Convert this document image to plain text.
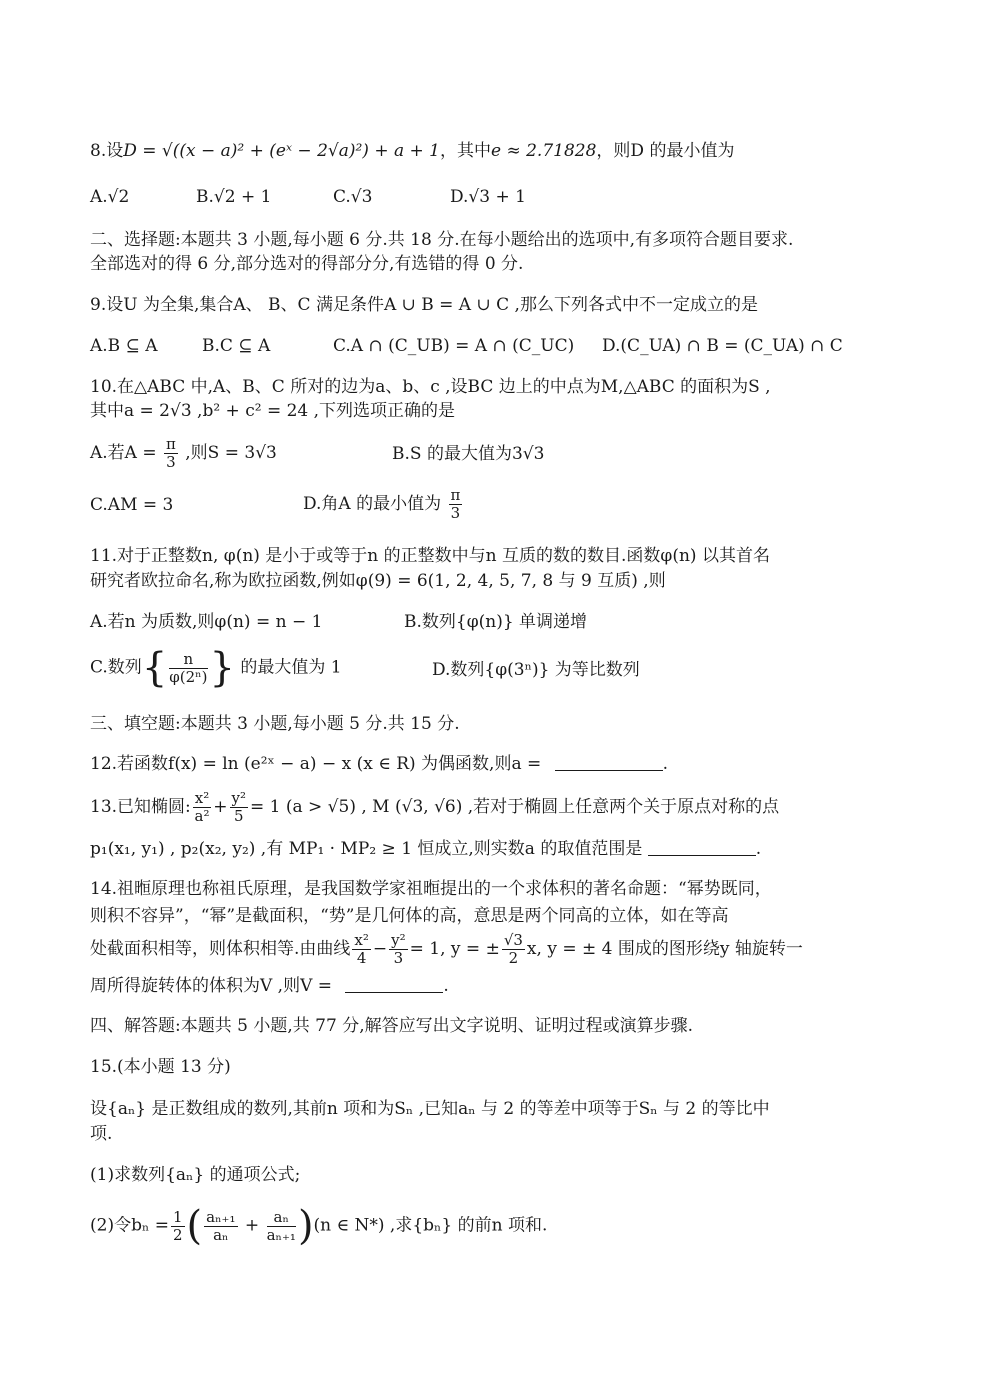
8.设D = √((x − a)² + (eˣ − 2√a)²) + a + 1，其中e ≈ 2.71828，则D 的最小值为
A.√2	B.√2 + 1	C.√3	D.√3 + 1
二、选择题:本题共 3 小题,每小题 6 分.共 18 分.在每小题给出的选项中,有多项符合题目要求.
全部选对的得 6 分,部分选对的得部分分,有选错的得 0 分.
9.设U 为全集,集合A、 B、C 满足条件A ∪ B = A ∪ C ,那么下列各式中不一定成立的是
A.B ⊆ A	B.C ⊆ A	C.A ∩ (C_UB) = A ∩ (C_UC) D.(C_UA) ∩ B = (C_UA) ∩ C
10.在△ABC 中,A、B、C 所对的边为a、b、c ,设BC 边上的中点为M,△ABC 的面积为S ,
其中a = 2√3 ,b² + c² = 24 ,下列选项正确的是
A.若$A = \frac{\pi}{3}$ ,则S = 3√3	B.S 的最大值为3√3
C.AM = 3	D.角A 的最小值为 $\frac{\pi}{3}$
11.对于正整数n, φ(n) 是小于或等于n 的正整数中与n 互质的数的数目.函数φ(n) 以其首名
研究者欧拉命名,称为欧拉函数,例如φ(9) = 6(1, 2, 4, 5, 7, 8 与 9 互质) ,则
A.若n 为质数,则φ(n) = n − 1	B.数列{φ(n)} 单调递增
C.数列{ $\frac{n}{\text{φ(2ⁿ)}}$ } 的最大值为 1	D.数列{φ(3ⁿ)} 为等比数列
三、填空题:本题共 3 小题,每小题 5 分.共 15 分.
12.若函数f(x) = ln (e²ˣ − a) − x (x ∈ R) 为偶函数,则a =	.
13.已知椭圆: $\frac{\text{x²}}{\text{a²}} + \frac{\text{y²}}{5} = 1$ (a > √5) , M (√3, √6) ,若对于椭圆上任意两个关于原点对称的点
p₁(x₁, y₁) , p₂(x₂, y₂) ,有 MP₁ · MP₂ ≥ 1 恒成立,则实数a 的取值范围是	.
14.祖暅原理也称祖氏原理，是我国数学家祖暅提出的一个求体积的著名命题：“幂势既同，
则积不容异”，“幂”是截面积，“势”是几何体的高，意思是两个同高的立体，如在等高
处截面积相等，则体积相等.由曲线 $\frac{\text{x²}}{4} - \frac{\text{y²}}{3} = 1$, y = ± $\frac{√3}{2} x$, y = ± 4 围成的图形绕y 轴旋转一
周所得旋转体的体积为V ,则V =	.
四、解答题:本题共 5 小题,共 77 分,解答应写出文字说明、证明过程或演算步骤.
15.(本小题 13 分)
设{aₙ} 是正数组成的数列,其前n 项和为Sₙ ,已知aₙ 与 2 的等差中项等于Sₙ 与 2 的等比中
项.
(1)求数列{aₙ} 的通项公式;
(2)令$b_n = \frac{1}{2}$ ( $\frac{\text{aₙ₊₁}}{\text{aₙ}} + \frac{\text{aₙ}}{\text{aₙ₊₁}} )(n$ ∈ N*) ,求{bₙ} 的前n 项和.
